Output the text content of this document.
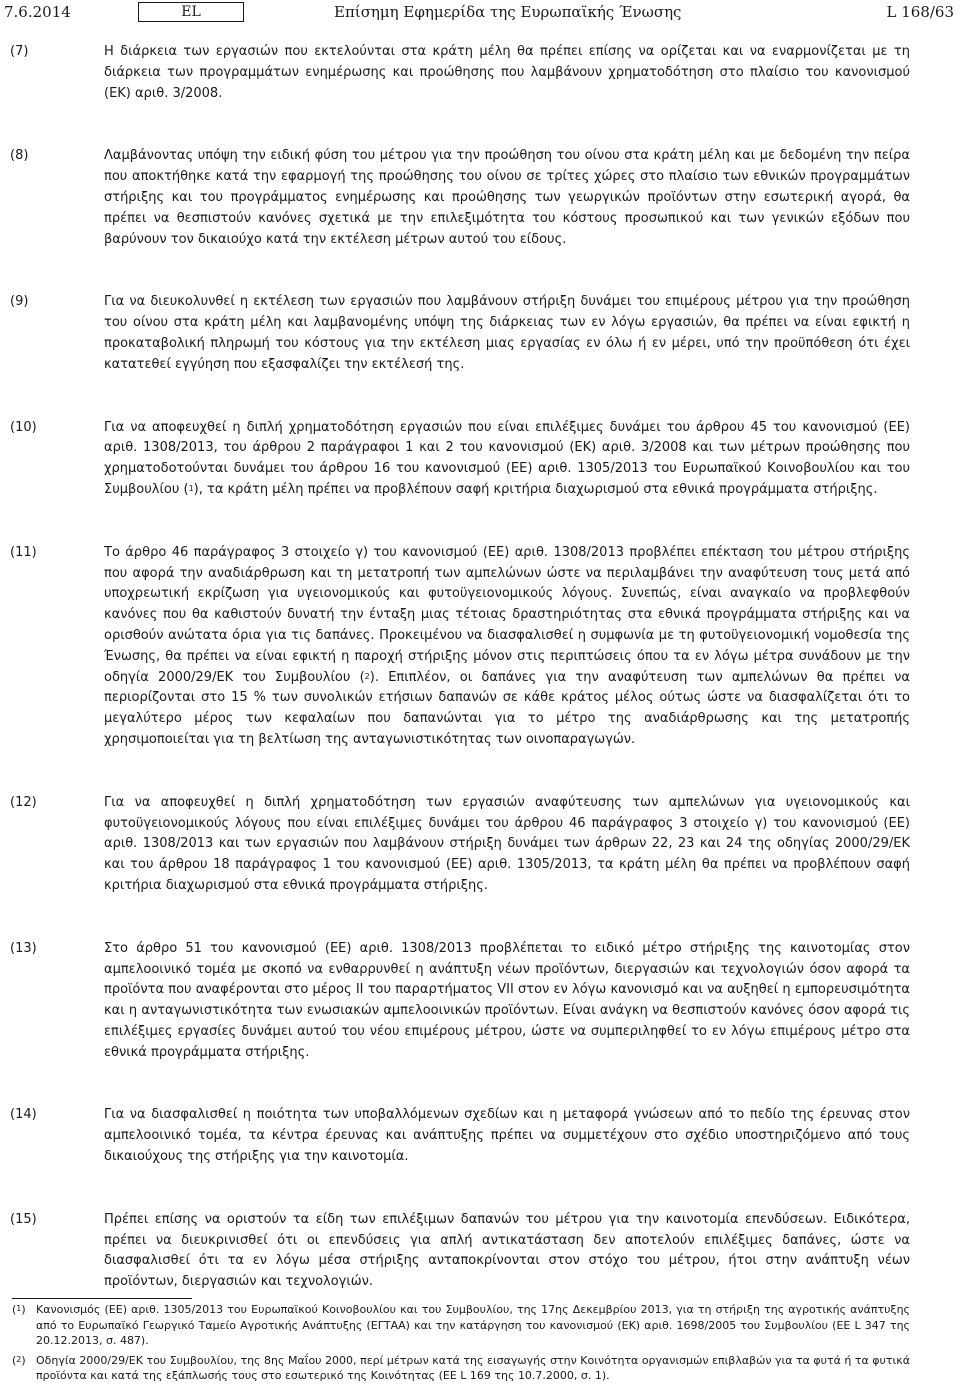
7.6.2014	EL	Επίσημη Εφημερίδα της Ευρωπαϊκής Ένωσης	L 168/63
(7)	Η διάρκεια των εργασιών που εκτελούνται στα κράτη μέλη θα πρέπει επίσης να ορίζεται και να εναρμονίζεται με τη διάρκεια των προγραμμάτων ενημέρωσης και προώθησης που λαμβάνουν χρηματοδότηση στο πλαίσιο του κανονισμού (ΕΚ) αριθ. 3/2008.
(8)	Λαμβάνοντας υπόψη την ειδική φύση του μέτρου για την προώθηση του οίνου στα κράτη μέλη και με δεδομένη την πείρα που αποκτήθηκε κατά την εφαρμογή της προώθησης του οίνου σε τρίτες χώρες στο πλαίσιο των εθνικών προγραμμάτων στήριξης και του προγράμματος ενημέρωσης και προώθησης των γεωργικών προϊόντων στην εσωτερική αγορά, θα πρέπει να θεσπιστούν κανόνες σχετικά με την επιλεξιμότητα του κόστους προσωπικού και των γενικών εξόδων που βαρύνουν τον δικαιούχο κατά την εκτέλεση μέτρων αυτού του είδους.
(9)	Για να διευκολυνθεί η εκτέλεση των εργασιών που λαμβάνουν στήριξη δυνάμει του επιμέρους μέτρου για την προώθηση του οίνου στα κράτη μέλη και λαμβανομένης υπόψη της διάρκειας των εν λόγω εργασιών, θα πρέπει να είναι εφικτή η προκαταβολική πληρωμή του κόστους για την εκτέλεση μιας εργασίας εν όλω ή εν μέρει, υπό την προϋπόθεση ότι έχει κατατεθεί εγγύηση που εξασφαλίζει την εκτέλεσή της.
(10)	Για να αποφευχθεί η διπλή χρηματοδότηση εργασιών που είναι επιλέξιμες δυνάμει του άρθρου 45 του κανονισμού (ΕΕ) αριθ. 1308/2013, του άρθρου 2 παράγραφοι 1 και 2 του κανονισμού (ΕΚ) αριθ. 3/2008 και των μέτρων προώθησης που χρηματοδοτούνται δυνάμει του άρθρου 16 του κανονισμού (ΕΕ) αριθ. 1305/2013 του Ευρωπαϊκού Κοινοβουλίου και του Συμβουλίου ($^1$), τα κράτη μέλη πρέπει να προβλέπουν σαφή κριτήρια διαχωρισμού στα εθνικά προγράμματα στήριξης.
(11)	Το άρθρο 46 παράγραφος 3 στοιχείο γ) του κανονισμού (ΕΕ) αριθ. 1308/2013 προβλέπει επέκταση του μέτρου στήριξης που αφορά την αναδιάρθρωση και τη μετατροπή των αμπελώνων ώστε να περιλαμβάνει την αναφύτευση τους μετά από υποχρεωτική εκρίζωση για υγειονομικούς και φυτοϋγειονομικούς λόγους. Συνεπώς, είναι αναγκαίο να προβλεφθούν κανόνες που θα καθιστούν δυνατή την ένταξη μιας τέτοιας δραστηριότητας στα εθνικά προγράμματα στήριξης και να ορισθούν ανώτατα όρια για τις δαπάνες. Προκειμένου να διασφαλισθεί η συμφωνία με τη φυτοϋγειονομική νομοθεσία της Ένωσης, θα πρέπει να είναι εφικτή η παροχή στήριξης μόνον στις περιπτώσεις όπου τα εν λόγω μέτρα συνάδουν με την οδηγία 2000/29/ΕΚ του Συμβουλίου ($^2$). Επιπλέον, οι δαπάνες για την αναφύτευση των αμπελώνων θα πρέπει να περιορίζονται στο 15 % των συνολικών ετήσιων δαπανών σε κάθε κράτος μέλος ούτως ώστε να διασφαλίζεται ότι το μεγαλύτερο μέρος των κεφαλαίων που δαπανώνται για το μέτρο της αναδιάρθρωσης και της μετατροπής χρησιμοποιείται για τη βελτίωση της ανταγωνιστικότητας των οινοπαραγωγών.
(12)	Για να αποφευχθεί η διπλή χρηματοδότηση των εργασιών αναφύτευσης των αμπελώνων για υγειονομικούς και φυτοϋγειονομικούς λόγους που είναι επιλέξιμες δυνάμει του άρθρου 46 παράγραφος 3 στοιχείο γ) του κανονισμού (ΕΕ) αριθ. 1308/2013 και των εργασιών που λαμβάνουν στήριξη δυνάμει των άρθρων 22, 23 και 24 της οδηγίας 2000/29/ΕΚ και του άρθρου 18 παράγραφος 1 του κανονισμού (ΕΕ) αριθ. 1305/2013, τα κράτη μέλη θα πρέπει να προβλέπουν σαφή κριτήρια διαχωρισμού στα εθνικά προγράμματα στήριξης.
(13)	Στο άρθρο 51 του κανονισμού (ΕΕ) αριθ. 1308/2013 προβλέπεται το ειδικό μέτρο στήριξης της καινοτομίας στον αμπελοοινικό τομέα με σκοπό να ενθαρρυνθεί η ανάπτυξη νέων προϊόντων, διεργασιών και τεχνολογιών όσον αφορά τα προϊόντα που αναφέρονται στο μέρος II του παραρτήματος VII στον εν λόγω κανονισμό και να αυξηθεί η εμπορευσιμότητα και η ανταγωνιστικότητα των ενωσιακών αμπελοοινικών προϊόντων. Είναι ανάγκη να θεσπιστούν κανόνες όσον αφορά τις επιλέξιμες εργασίες δυνάμει αυτού του νέου επιμέρους μέτρου, ώστε να συμπεριληφθεί το εν λόγω επιμέρους μέτρο στα εθνικά προγράμματα στήριξης.
(14)	Για να διασφαλισθεί η ποιότητα των υποβαλλόμενων σχεδίων και η μεταφορά γνώσεων από το πεδίο της έρευνας στον αμπελοοινικό τομέα, τα κέντρα έρευνας και ανάπτυξης πρέπει να συμμετέχουν στο σχέδιο υποστηριζόμενο από τους δικαιούχους της στήριξης για την καινοτομία.
(15)	Πρέπει επίσης να οριστούν τα είδη των επιλέξιμων δαπανών του μέτρου για την καινοτομία επενδύσεων. Ειδικότερα, πρέπει να διευκρινισθεί ότι οι επενδύσεις για απλή αντικατάσταση δεν αποτελούν επιλέξιμες δαπάνες, ώστε να διασφαλισθεί ότι τα εν λόγω μέσα στήριξης ανταποκρίνονται στον στόχο του μέτρου, ήτοι στην ανάπτυξη νέων προϊόντων, διεργασιών και τεχνολογιών.
($^1$) Κανονισμός (ΕΕ) αριθ. 1305/2013 του Ευρωπαϊκού Κοινοβουλίου και του Συμβουλίου, της 17ης Δεκεμβρίου 2013, για τη στήριξη της αγροτικής ανάπτυξης από το Ευρωπαϊκό Γεωργικό Ταμείο Αγροτικής Ανάπτυξης (ΕΓΤΑΑ) και την κατάργηση του κανονισμού (ΕΚ) αριθ. 1698/2005 του Συμβουλίου (ΕΕ L 347 της 20.12.2013, σ. 487).
($^2$) Οδηγία 2000/29/ΕΚ του Συμβουλίου, της 8ης Μαΐου 2000, περί μέτρων κατά της εισαγωγής στην Κοινότητα οργανισμών επιβλαβών για τα φυτά ή τα φυτικά προϊόντα και κατά της εξάπλωσής τους στο εσωτερικό της Κοινότητας (ΕΕ L 169 της 10.7.2000, σ. 1).
